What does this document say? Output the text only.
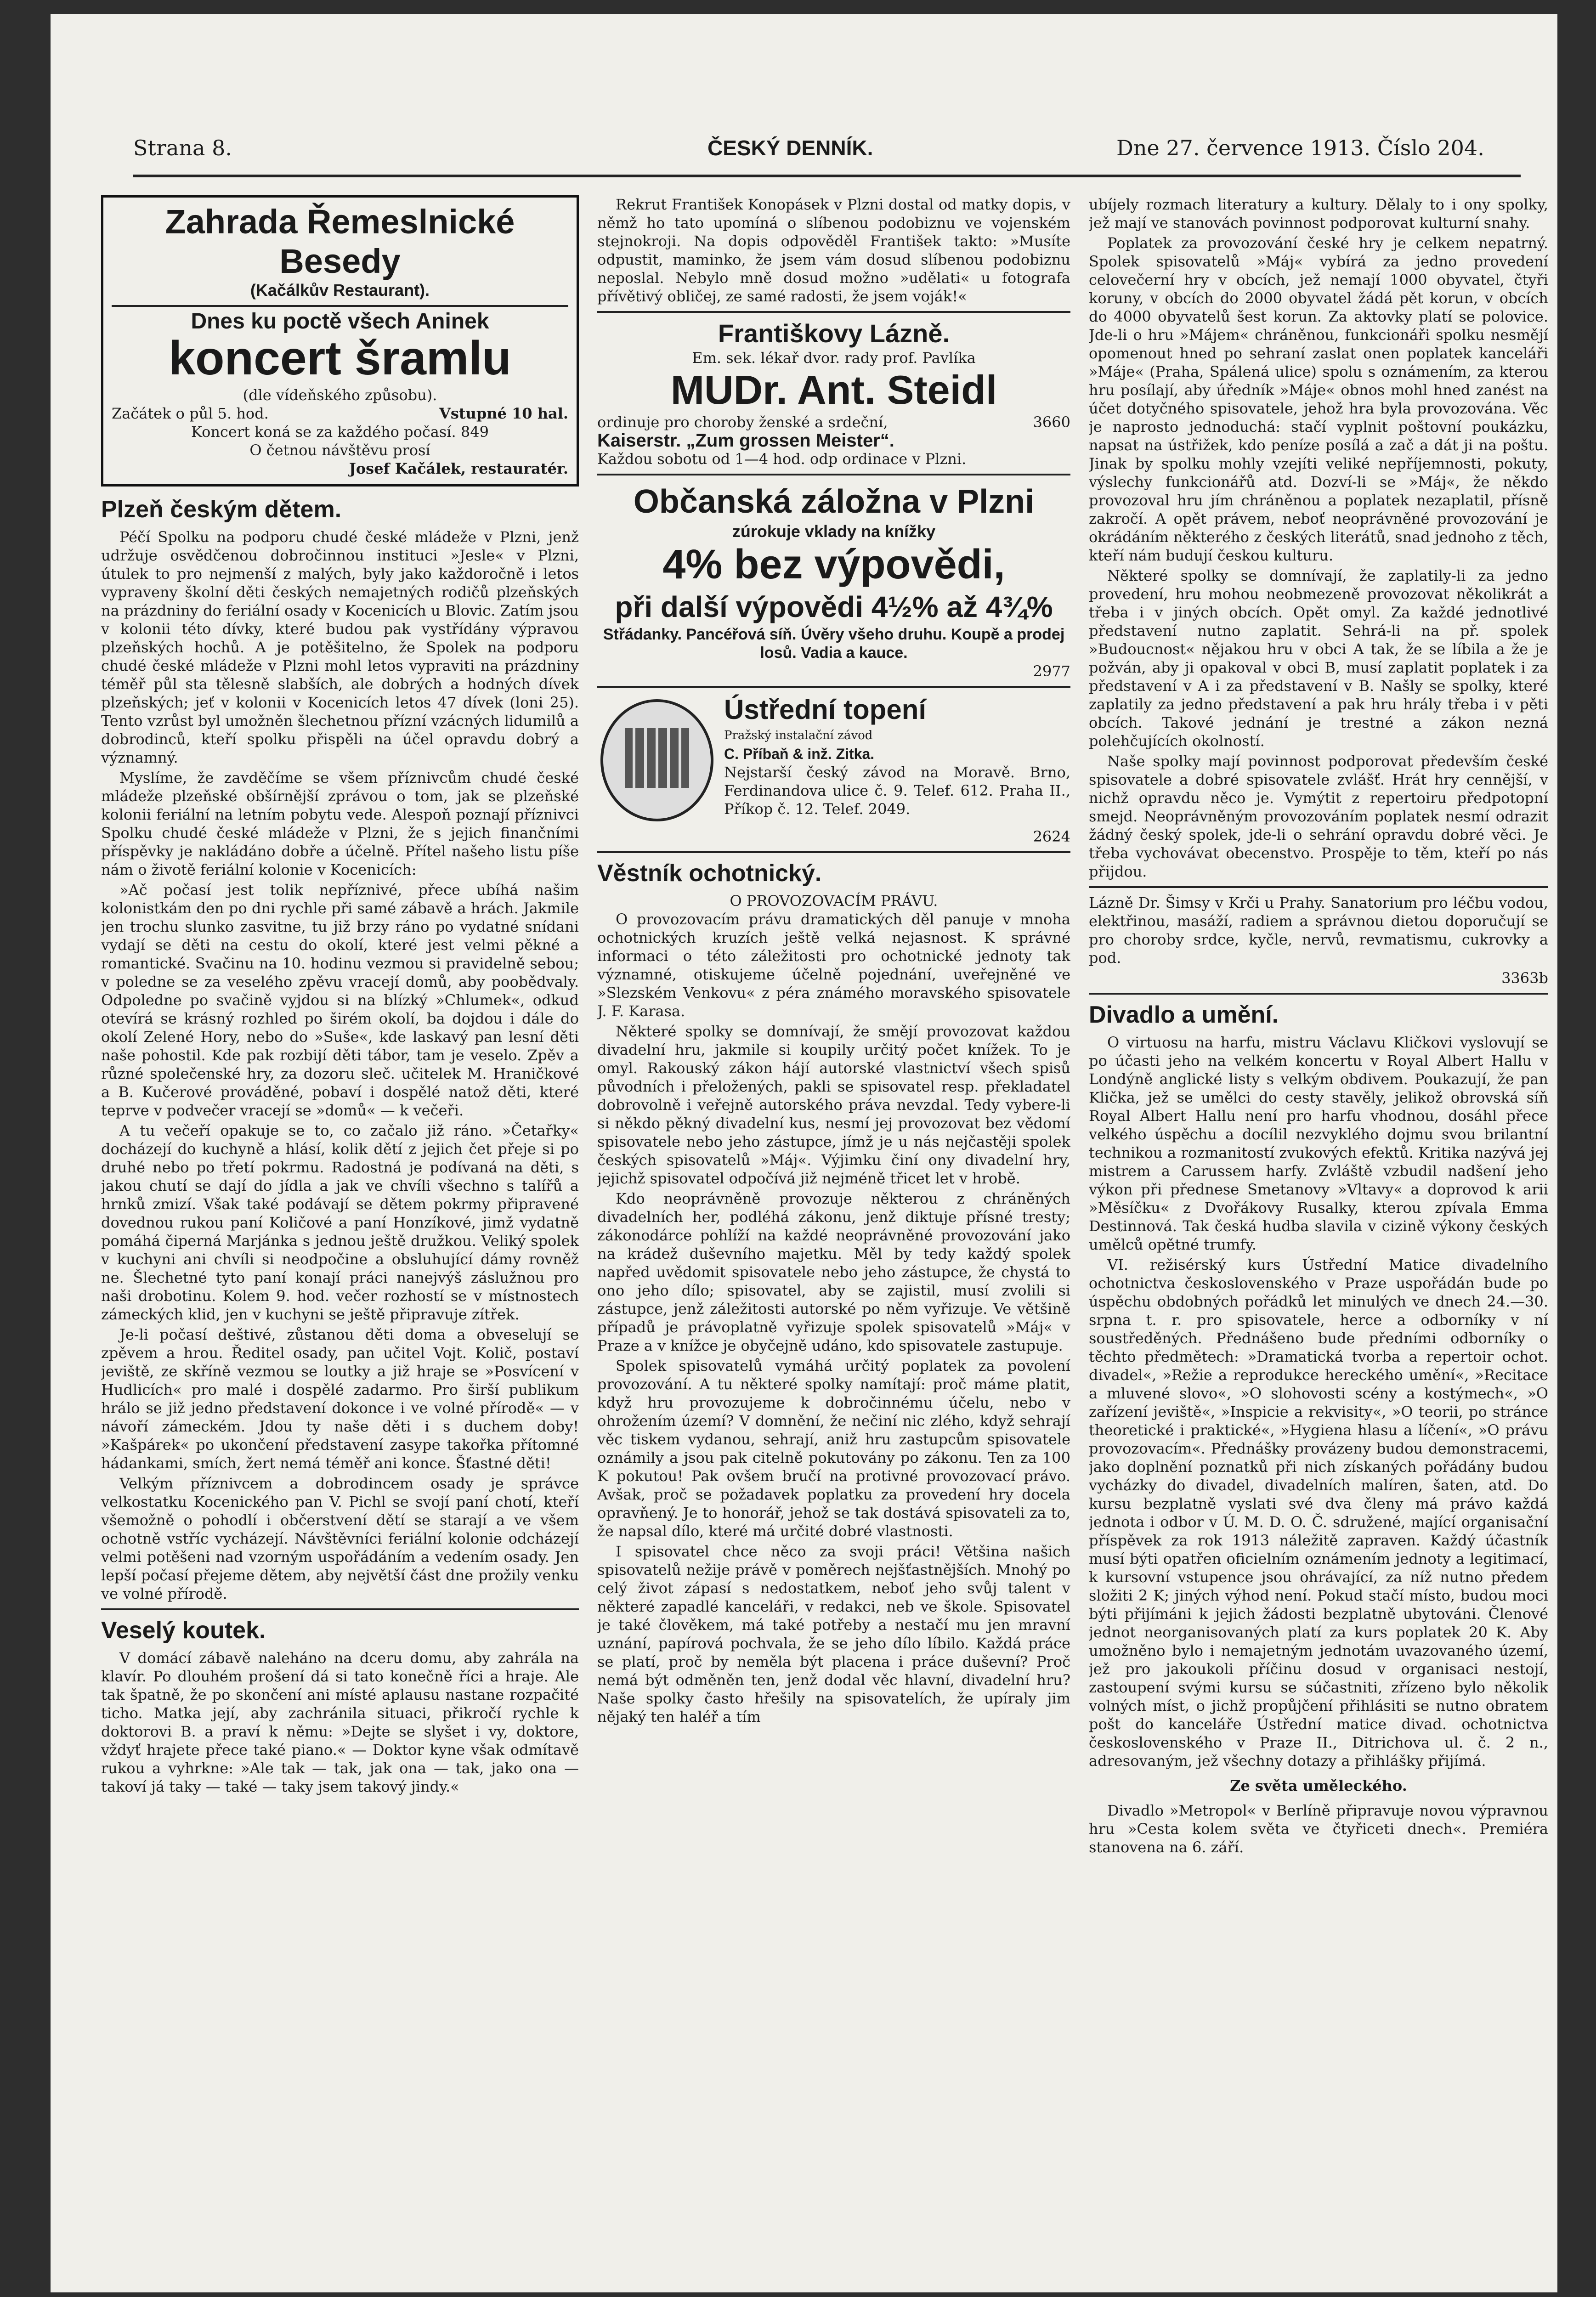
Strana 8.	ČESKÝ DENNÍK.	Dne 27. července 1913. Číslo 204.
Zahrada Řemeslnické Besedy
(Kačálkův Restaurant).
Dnes ku poctě všech Aninek
koncert šramlu
(dle vídeňského způsobu).
Začátek o půl 5. hod.	Vstupné 10 hal.
Koncert koná se za každého počasí. 849
O četnou návštěvu prosí
Josef Kačálek, restauratér.
Plzeň českým dětem.

Péčí Spolku na podporu chudé české mládeže v Plzni, jenž udržuje osvědčenou dobročinnou instituci »Jesle« v Plzni, útulek to pro nejmenší z malých, byly jako každoročně i letos vypraveny školní děti českých nemajetných rodičů plzeňských na prázdniny do feriální osady v Kocenicích u Blovic. Zatím jsou v kolonii této dívky, které budou pak vystřídány výpravou plzeňských hochů. A je potěšitelno, že Spolek na podporu chudé české mládeže v Plzni mohl letos vypraviti na prázdniny téměř půl sta tělesně slabších, ale dobrých a hodných dívek plzeňských; jeť v kolonii v Kocenicích letos 47 dívek (loni 25). Tento vzrůst byl umožněn šlechetnou přízní vzácných lidumilů a dobrodinců, kteří spolku přispěli na účel opravdu dobrý a významný.

Myslíme, že zavděčíme se všem příznivcům chudé české mládeže plzeňské obšírnější zprávou o tom, jak se plzeňské kolonii feriální na letním pobytu vede. Alespoň poznají příznivci Spolku chudé české mládeže v Plzni, že s jejich finančními příspěvky je nakládáno dobře a účelně. Přítel našeho listu píše nám o životě feriální kolonie v Kocenicích:

»Ač počasí jest tolik nepříznivé, přece ubíhá našim kolonistkám den po dni rychle při samé zábavě a hrách. Jakmile jen trochu slunko zasvitne, tu již brzy ráno po vydatné snídani vydají se děti na cestu do okolí, které jest velmi pěkné a romantické. Svačinu na 10. hodinu vezmou si pravidelně sebou; v poledne se za veselého zpěvu vracejí domů, aby poobědvaly. Odpoledne po svačině vyjdou si na blízký »Chlumek«, odkud otevírá se krásný rozhled po širém okolí, ba dojdou i dále do okolí Zelené Hory, nebo do »Suše«, kde laskavý pan lesní děti naše pohostil. Kde pak rozbijí děti tábor, tam je veselo. Zpěv a různé společenské hry, za dozoru sleč. učitelek M. Hraničkové a B. Kučerové prováděné, pobaví i dospělé natož děti, které teprve v podvečer vracejí se »domů« — k večeři.

A tu večeří opakuje se to, co začalo již ráno. »Četařky« docházejí do kuchyně a hlásí, kolik dětí z jejich čet přeje si po druhé nebo po třetí pokrmu. Radostná je podívaná na děti, s jakou chutí se dají do jídla a jak ve chvíli všechno s talířů a hrnků zmizí. Však také podávají se dětem pokrmy připravené dovednou rukou paní Količové a paní Honzíkové, jimž vydatně pomáhá čiperná Marjánka s jednou ještě družkou. Veliký spolek v kuchyni ani chvíli si neodpočine a obsluhující dámy rovněž ne. Šlechetné tyto paní konají práci nanejvýš záslužnou pro naši drobotinu. Kolem 9. hod. večer rozhostí se v místnostech zámeckých klid, jen v kuchyni se ještě připravuje zítřek.

Je-li počasí deštivé, zůstanou děti doma a obveselují se zpěvem a hrou. Ředitel osady, pan učitel Vojt. Količ, postaví jeviště, ze skříně vezmou se loutky a již hraje se »Posvícení v Hudlicích« pro malé i dospělé zadarmo. Pro širší publikum hrálo se již jedno představení dokonce i ve volné přírodě« — v návoří zámeckém. Jdou ty naše děti i s duchem doby! »Kašpárek« po ukončení představení zasype takořka přítomné hádankami, smích, žert nemá téměř ani konce. Šťastné děti!

Velkým příznivcem a dobrodincem osady je správce velkostatku Kocenického pan V. Pichl se svojí paní chotí, kteří všemožně o pohodlí i občerstvení dětí se starají a ve všem ochotně vstříc vycházejí. Návštěvníci feriální kolonie odcházejí velmi potěšeni nad vzorným uspořádáním a vedením osady. Jen lepší počasí přejeme dětem, aby největší část dne prožily venku ve volné přírodě.

Veselý koutek.

V domácí zábavě naleháno na dceru domu, aby zahrála na klavír. Po dlouhém prošení dá si tato konečně říci a hraje. Ale tak špatně, že po skončení ani místé aplausu nastane rozpačité ticho. Matka její, aby zachránila situaci, přikročí rychle k doktorovi B. a praví k němu: »Dejte se slyšet i vy, doktore, vždyť hrajete přece také piano.« — Doktor kyne však odmítavě rukou a vyhrkne: »Ale tak — tak, jak ona — tak, jako ona — takoví já taky — také — taky jsem takový jindy.«

Rekrut František Konopásek v Plzni dostal od matky dopis, v němž ho tato upomíná o slíbenou podobiznu ve vojenském stejnokroji. Na dopis odpověděl František takto: »Musíte odpustit, maminko, že jsem vám dosud slíbenou podobiznu neposlal. Nebylo mně dosud možno »udělati« u fotografa přívětivý obličej, ze samé radosti, že jsem voják!«

Františkovy Lázně.
Em. sek. lékař dvor. rady prof. Pavlíka
MUDr. Ant. Steidl
ordinuje pro choroby ženské a srdeční,	3660
Kaiserstr. „Zum grossen Meister“.
Každou sobotu od 1—4 hod. odp ordinace v Plzni.
Občanská záložna v Plzni
zúrokuje vklady na knížky
4% bez výpovědi,
při další výpovědi 4½% až 4¾%
Střádanky. Pancéřová síň. Úvěry všeho druhu. Koupě a prodej losů. Vadia a kauce.
2977
Ústřední topení
Pražský instalační závod
C. Příbaň & inž. Zitka.
Nejstarší český závod na Moravě. Brno, Ferdinandova ulice č. 9. Telef. 612. Praha II., Příkop č. 12. Telef. 2049.
2624
Věstník ochotnický.
O PROVOZOVACÍM PRÁVU.

O provozovacím právu dramatických děl panuje v mnoha ochotnických kruzích ještě velká nejasnost. K správné informaci o této záležitosti pro ochotnické jednoty tak významné, otiskujeme účelně pojednání, uveřejněné ve »Slezském Venkovu« z péra známého moravského spisovatele J. F. Karasa.

Některé spolky se domnívají, že smějí provozovat každou divadelní hru, jakmile si koupily určitý počet knížek. To je omyl. Rakouský zákon hájí autorské vlastnictví všech spisů původních i přeložených, pakli se spisovatel resp. překladatel dobrovolně i veřejně autorského práva nevzdal. Tedy vybere-li si někdo pěkný divadelní kus, nesmí jej provozovat bez vědomí spisovatele nebo jeho zástupce, jímž je u nás nejčastěji spolek českých spisovatelů »Máj«. Výjimku činí ony divadelní hry, jejichž spisovatel odpočívá již nejméně třicet let v hrobě.

Kdo neoprávněně provozuje některou z chráněných divadelních her, podléhá zákonu, jenž diktuje přísné tresty; zákonodárce pohlíží na každé neoprávněné provozování jako na krádež duševního majetku. Měl by tedy každý spolek napřed uvědomit spisovatele nebo jeho zástupce, že chystá to ono jeho dílo; spisovatel, aby se zajistil, musí zvolili si zástupce, jenž záležitosti autorské po něm vyřizuje. Ve většině případů je právoplatně vyřizuje spolek spisovatelů »Máj« v Praze a v knížce je obyčejně udáno, kdo spisovatele zastupuje.

Spolek spisovatelů vymáhá určitý poplatek za povolení provozování. A tu některé spolky namítají: proč máme platit, když hru provozujeme k dobročinnému účelu, nebo v ohrožením území? V domnění, že nečiní nic zlého, když sehrají věc tiskem vydanou, sehrají, aniž hru zastupcům spisovatele oznámily a jsou pak citelně pokutovány po zákonu. Ten za 100 K pokutou! Pak ovšem bručí na protivné provozovací právo. Avšak, proč se požadavek poplatku za provedení hry docela opravňený. Je to honorář, jehož se tak dostává spisovateli za to, že napsal dílo, které má určité dobré vlastnosti.

I spisovatel chce něco za svoji práci! Většina našich spisovatelů nežije právě v poměrech nejšťastnějších. Mnohý po celý život zápasí s nedostatkem, neboť jeho svůj talent v některé zapadlé kanceláři, v redakci, neb ve škole. Spisovatel je také člověkem, má také potřeby a nestačí mu jen mravní uznání, papírová pochvala, že se jeho dílo líbilo. Každá práce se platí, proč by neměla být placena i práce duševní? Proč nemá být odměněn ten, jenž dodal věc hlavní, divadelní hru? Naše spolky často hřešily na spisovatelích, že upíraly jim nějaký ten haléř a tím

ubíjely rozmach literatury a kultury. Dělaly to i ony spolky, jež mají ve stanovách povinnost podporovat kulturní snahy.

Poplatek za provozování české hry je celkem nepatrný. Spolek spisovatelů »Máj« vybírá za jedno provedení celovečerní hry v obcích, jež nemají 1000 obyvatel, čtyři koruny, v obcích do 2000 obyvatel žádá pět korun, v obcích do 4000 obyvatelů šest korun. Za aktovky platí se polovice. Jde-li o hru »Májem« chráněnou, funkcionáři spolku nesmějí opomenout hned po sehraní zaslat onen poplatek kanceláři »Máje« (Praha, Spálená ulice) spolu s oznámením, za kterou hru posílají, aby úředník »Máje« obnos mohl hned zanést na účet dotyčného spisovatele, jehož hra byla provozována. Věc je naprosto jednoduchá: stačí vyplnit poštovní poukázku, napsat na ústřižek, kdo peníze posílá a zač a dát ji na poštu. Jinak by spolku mohly vzejíti veliké nepříjemnosti, pokuty, výslechy funkcionářů atd. Dozví-li se »Máj«, že někdo provozoval hru jím chráněnou a poplatek nezaplatil, přísně zakročí. A opět právem, neboť neoprávněné provozování je okrádáním některého z českých literátů, snad jednoho z těch, kteří nám budují českou kulturu.

Některé spolky se domnívají, že zaplatily-li za jedno provedení, hru mohou neobmezeně provozovat několikrát a třeba i v jiných obcích. Opět omyl. Za každé jednotlivé představení nutno zaplatit. Sehrá-li na př. spolek »Budoucnost« nějakou hru v obci A tak, že se líbila a že je požván, aby ji opakoval v obci B, musí zaplatit poplatek i za představení v A i za představení v B. Našly se spolky, které zaplatily za jedno představení a pak hru hrály třeba i v pěti obcích. Takové jednání je trestné a zákon nezná polehčujících okolností.

Naše spolky mají povinnost podporovat především české spisovatele a dobré spisovatele zvlášť. Hrát hry cennější, v nichž opravdu něco je. Vymýtit z repertoiru předpotopní smejd. Neoprávněným provozováním poplatek nesmí odrazit žádný český spolek, jde-li o sehrání opravdu dobré věci. Je třeba vychovávat obecenstvo. Prospěje to těm, kteří po nás přijdou.

Lázně Dr. Šimsy v Krči u Prahy. Sanatorium pro léčbu vodou, elektřinou, masáží, radiem a správnou dietou doporučují se pro choroby srdce, kyčle, nervů, revmatismu, cukrovky a pod.

3363b
Divadlo a umění.

O virtuosu na harfu, mistru Václavu Kličkovi vyslovují se po účasti jeho na velkém koncertu v Royal Albert Hallu v Londýně anglické listy s velkým obdivem. Poukazují, že pan Klička, jež se umělci do cesty stavěly, jelikož obrovská síň Royal Albert Hallu není pro harfu vhodnou, dosáhl přece velkého úspěchu a docílil nezvyklého dojmu svou brilantní technikou a rozmanitostí zvukových efektů. Kritika nazývá jej mistrem a Carussem harfy. Zvláště vzbudil nadšení jeho výkon při přednese Smetanovy »Vltavy« a doprovod k arii »Měsíčku« z Dvořákovy Rusalky, kterou zpívala Emma Destinnová. Tak česká hudba slavila v cizině výkony českých umělců opětné trumfy.

VI. režisérský kurs Ústřední Matice divadelního ochotnictva československého v Praze uspořádán bude po úspěchu obdobných pořádků let minulých ve dnech 24.—30. srpna t. r. pro spisovatele, herce a odborníky v ní soustředěných. Přednášeno bude předními odborníky o těchto předmětech: »Dramatická tvorba a repertoir ochot. divadel«, »Režie a reprodukce hereckého umění«, »Recitace a mluvené slovo«, »O slohovosti scény a kostýmech«, »O zařízení jeviště«, »Inspicie a rekvisity«, »O teorii, po stránce theoretické i praktické«, »Hygiena hlasu a líčení«, »O právu provozovacím«. Přednášky provázeny budou demonstracemi, jako doplnění poznatků při nich získaných pořádány budou vycházky do divadel, divadelních malíren, šaten, atd. Do kursu bezplatně vyslati své dva členy má právo každá jednota i odbor v Ú. M. D. O. Č. sdružené, mající organisační příspěvek za rok 1913 náležitě zapraven. Každý účastník musí býti opatřen oficielním oznámením jednoty a legitimací, k kursovní vstupence jsou ohrávající, za níž nutno předem složiti 2 K; jiných výhod není. Pokud stačí místo, budou moci býti přijímáni k jejich žádosti bezplatně ubytováni. Členové jednot neorganisovaných platí za kurs poplatek 20 K. Aby umožněno bylo i nemajetným jednotám uvazovaného území, jež pro jakoukoli příčinu dosud v organisaci nestojí, zastoupení svými kursu se súčastniti, zřízeno bylo několik volných míst, o jichž propůjčení přihlásiti se nutno obratem pošt do kanceláře Ústřední matice divad. ochotnictva československého v Praze II., Ditrichova ul. č. 2 n., adresovaným, jež všechny dotazy a přihlášky přijímá.

Ze světa uměleckého.

Divadlo »Metropol« v Berlíně připravuje novou výpravnou hru »Cesta kolem světa ve čtyřiceti dnech«. Premiéra stanovena na 6. září.
